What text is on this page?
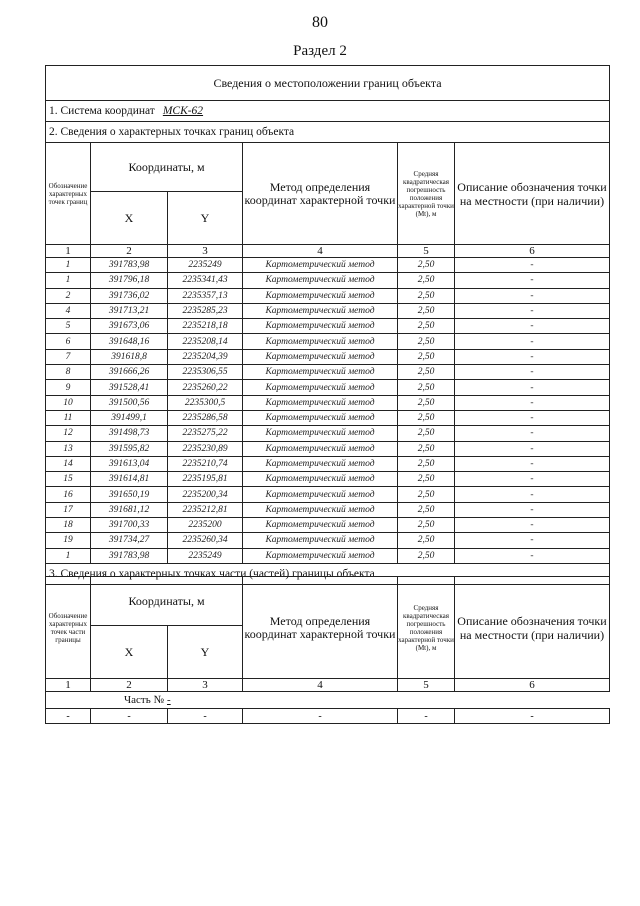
80
Раздел 2
Сведения о местоположении границ объекта					
1. Система координат МСК-62					
2. Сведения о характерных точках границ объекта					
Обозначение характерных точек границ	Координаты, м		Метод определения координат характерной точки	Средняя квадратическая погрешность положения характерной точки (Mt), м	Описание обозначения точки на местности (при наличии)
	X	Y			
1	2	3	4	5	6
1	391783,98	2235249	Картометрический метод	2,50	-
1	391796,18	2235341,43	Картометрический метод	2,50	-
2	391736,02	2235357,13	Картометрический метод	2,50	-
4	391713,21	2235285,23	Картометрический метод	2,50	-
5	391673,06	2235218,18	Картометрический метод	2,50	-
6	391648,16	2235208,14	Картометрический метод	2,50	-
7	391618,8	2235204,39	Картометрический метод	2,50	-
8	391666,26	2235306,55	Картометрический метод	2,50	-
9	391528,41	2235260,22	Картометрический метод	2,50	-
10	391500,56	2235300,5	Картометрический метод	2,50	-
11	391499,1	2235286,58	Картометрический метод	2,50	-
12	391498,73	2235275,22	Картометрический метод	2,50	-
13	391595,82	2235230,89	Картометрический метод	2,50	-
14	391613,04	2235210,74	Картометрический метод	2,50	-
15	391614,81	2235195,81	Картометрический метод	2,50	-
16	391650,19	2235200,34	Картометрический метод	2,50	-
17	391681,12	2235212,81	Картометрический метод	2,50	-
18	391700,33	2235200	Картометрический метод	2,50	-
19	391734,27	2235260,34	Картометрический метод	2,50	-
1	391783,98	2235249	Картометрический метод	2,50	-
3. Сведения о характерных точках части (частей) границы объекта					
Обозначение характерных точек части границы	Координаты, м		Метод определения координат характерной точки	Средняя квадратическая погрешность положения характерной точки (Mt), м	Описание обозначения точки на местности (при наличии)
	X	Y			
1	2	3	4	5	6
Часть № -					
-	-	-	-	-	-
